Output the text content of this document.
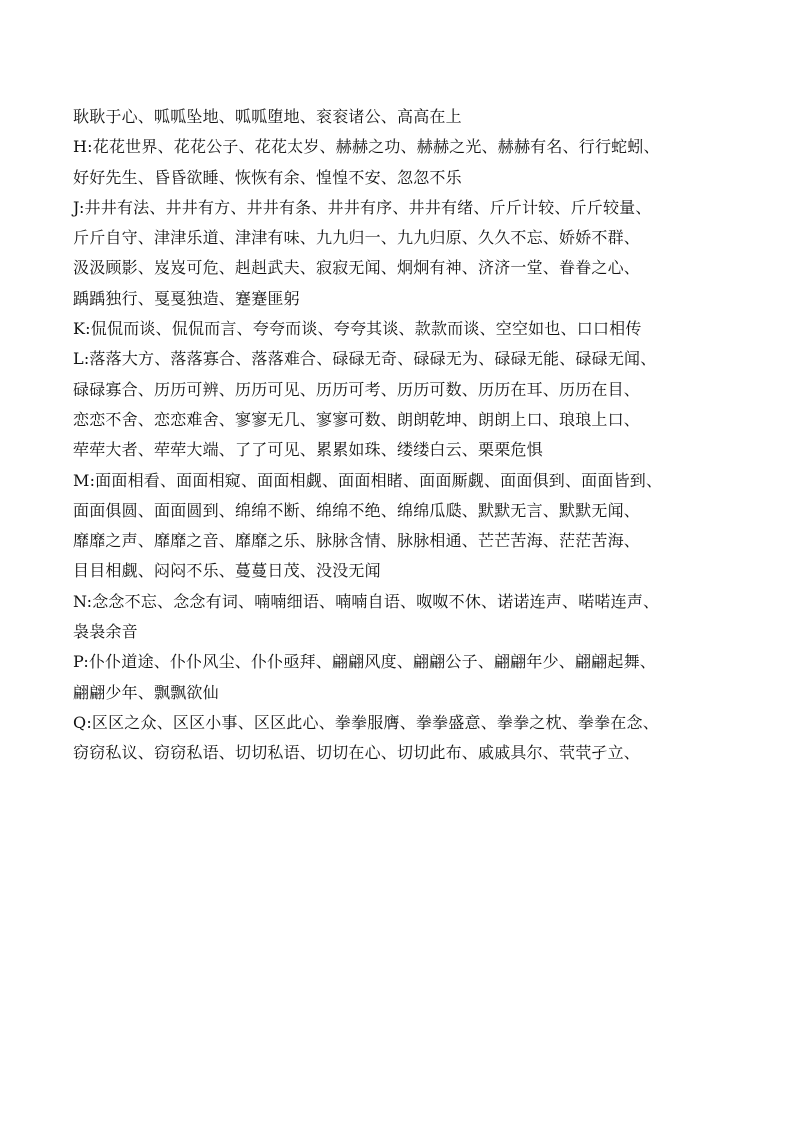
耿耿于心、呱呱坠地、呱呱堕地、衮衮诸公、高高在上
H:花花世界、花花公子、花花太岁、赫赫之功、赫赫之光、赫赫有名、行行蛇蚓、
好好先生、昏昏欲睡、恢恢有余、惶惶不安、忽忽不乐
J:井井有法、井井有方、井井有条、井井有序、井井有绪、斤斤计较、斤斤较量、
斤斤自守、津津乐道、津津有味、九九归一、九九归原、久久不忘、娇娇不群、
汲汲顾影、岌岌可危、赳赳武夫、寂寂无闻、炯炯有神、济济一堂、眷眷之心、
踽踽独行、戛戛独造、蹇蹇匪躬
K:侃侃而谈、侃侃而言、夸夸而谈、夸夸其谈、款款而谈、空空如也、口口相传
L:落落大方、落落寡合、落落难合、碌碌无奇、碌碌无为、碌碌无能、碌碌无闻、
碌碌寡合、历历可辨、历历可见、历历可考、历历可数、历历在耳、历历在目、
恋恋不舍、恋恋难舍、寥寥无几、寥寥可数、朗朗乾坤、朗朗上口、琅琅上口、
荦荦大者、荦荦大端、了了可见、累累如珠、缕缕白云、栗栗危惧
M:面面相看、面面相窥、面面相觑、面面相睹、面面厮觑、面面俱到、面面皆到、
面面俱圆、面面圆到、绵绵不断、绵绵不绝、绵绵瓜瓞、默默无言、默默无闻、
靡靡之声、靡靡之音、靡靡之乐、脉脉含情、脉脉相通、芒芒苦海、茫茫苦海、
目目相觑、闷闷不乐、蔓蔓日茂、没没无闻
N:念念不忘、念念有词、喃喃细语、喃喃自语、呶呶不休、诺诺连声、喏喏连声、
袅袅余音
P:仆仆道途、仆仆风尘、仆仆亟拜、翩翩风度、翩翩公子、翩翩年少、翩翩起舞、
翩翩少年、飘飘欲仙
Q:区区之众、区区小事、区区此心、拳拳服膺、拳拳盛意、拳拳之枕、拳拳在念、
窃窃私议、窃窃私语、切切私语、切切在心、切切此布、戚戚具尔、茕茕孑立、
